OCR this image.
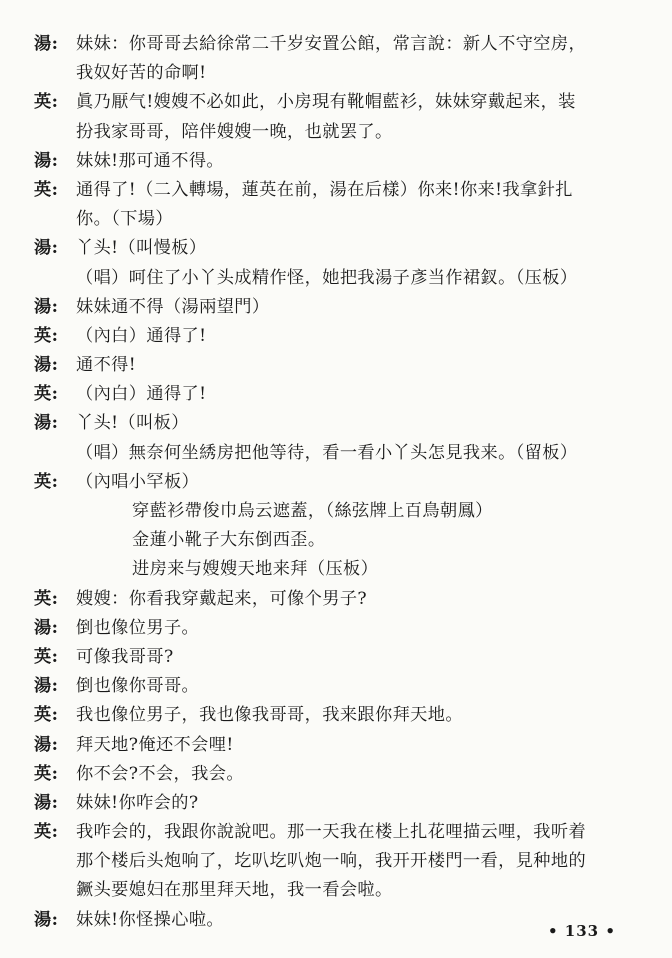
湯: 妹妹：你哥哥去給徐常二千岁安置公館，常言說：新人不守空房，
我奴好苦的命啊!
英: 眞乃厭气!嫂嫂不必如此，小房現有靴帽藍衫，妹妹穿戴起来，装
扮我家哥哥，陪伴嫂嫂一晚，也就罢了。
湯: 妹妹!那可通不得。
英: 通得了!（二入轉場，蓮英在前，湯在后樣）你来!你来!我拿針扎
你。（下場）
湯: 丫头!（叫慢板）
（唱）呵住了小丫头成精作怪，她把我湯子彥当作裙釵。（压板）
湯: 妹妹通不得（湯兩望門）
英: （內白）通得了!
湯: 通不得!
英: （內白）通得了!
湯: 丫头!（叫板）
（唱）無奈何坐綉房把他等待，看一看小丫头怎見我来。（留板）
英: （內唱小罕板）
穿藍衫帶俊巾烏云遮蓋，（絲弦牌上百鳥朝鳳）
金蓮小靴子大东倒西歪。
进房来与嫂嫂天地来拜（压板）
英: 嫂嫂：你看我穿戴起来，可像个男子?
湯: 倒也像位男子。
英: 可像我哥哥?
湯: 倒也像你哥哥。
英: 我也像位男子，我也像我哥哥，我来跟你拜天地。
湯: 拜天地?俺还不会哩!
英: 你不会?不会，我会。
湯: 妹妹!你咋会的?
英: 我咋会的，我跟你說說吧。那一天我在楼上扎花哩描云哩，我听着
那个楼后头炮响了，圪叭圪叭炮一响，我开开楼門一看，見种地的
鐝头要媳妇在那里拜天地，我一看会啦。
湯: 妹妹!你怪操心啦。
• 133 •
